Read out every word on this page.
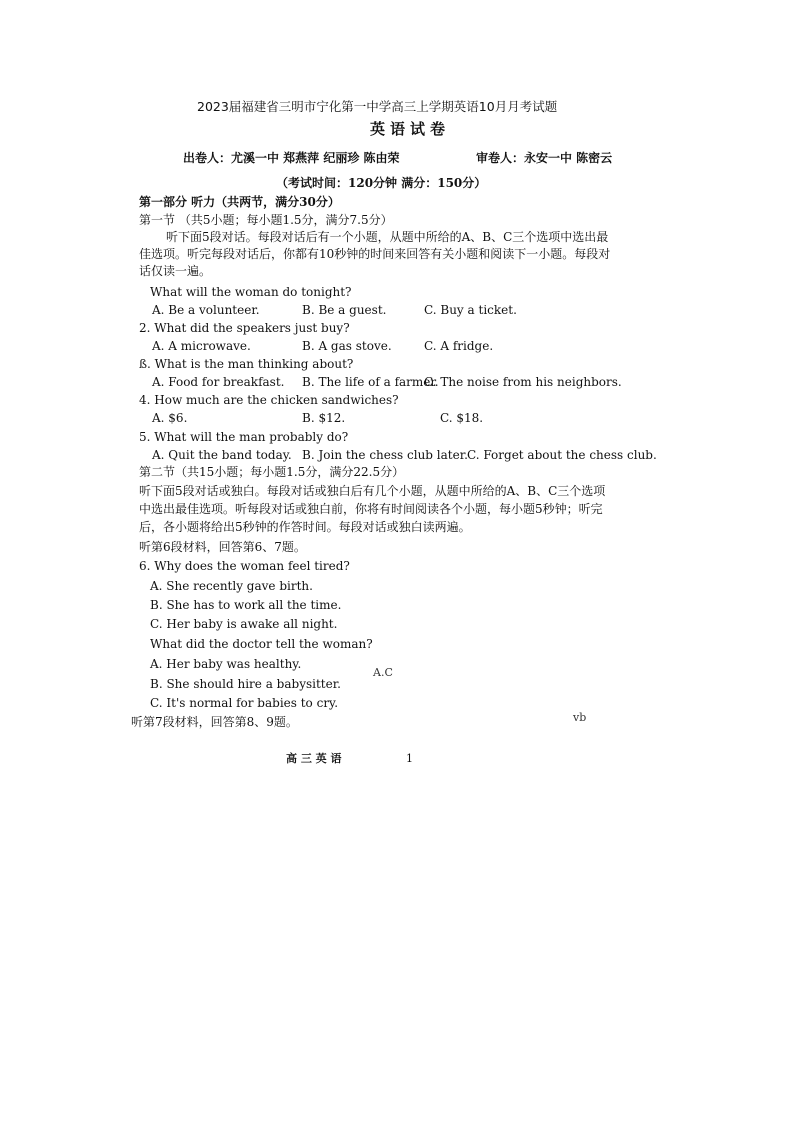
2023届福建省三明市宁化第一中学高三上学期英语10月月考试题
英语试卷
出卷人：尤溪一中 郑燕萍 纪丽珍 陈由荣	审卷人：永安一中 陈密云
（考试时间：120分钟 满分：150分）
第一部分 听力（共两节，满分30分）
第一节 （共5小题；每小题1.5分，满分7.5分）
听下面5段对话。每段对话后有一个小题，从题中所给的A、B、C三个选项中选出最
佳选项。听完每段对话后，你都有10秒钟的时间来回答有关小题和阅读下一小题。每段对
话仅读一遍。
What will the woman do tonight?
A. Be a volunteer.	B. Be a guest.	C. Buy a ticket.
2. What did the speakers just buy?
A. A microwave.	B. A gas stove.	C. A fridge.
ß. What is the man thinking about?
A. Food for breakfast. B. The life of a farmer.
C. The noise from his neighbors.
4. How much are the chicken sandwiches?
A. $6.	B. $12.	C. $18.
5. What will the man probably do?
A. Quit the band today. B. Join the chess club later. C. Forget about the chess club.
第二节（共15小题；每小题1.5分，满分22.5分）
听下面5段对话或独白。每段对话或独白后有几个小题，从题中所给的A、B、C三个选项
中选出最佳选项。听每段对话或独白前，你将有时间阅读各个小题，每小题5秒钟；听完
后，各小题将给出5秒钟的作答时间。每段对话或独白读两遍。
听第6段材料，回答第6、7题。
6. Why does the woman feel tired?
A. She recently gave birth.
B. She has to work all the time.
C. Her baby is awake all night.
What did the doctor tell the woman?
A. Her baby was healthy.
B. She should hire a babysitter.
C. It's normal for babies to cry.
听第7段材料，回答第8、9题。
A.C
vb
高 三 英 语	1
